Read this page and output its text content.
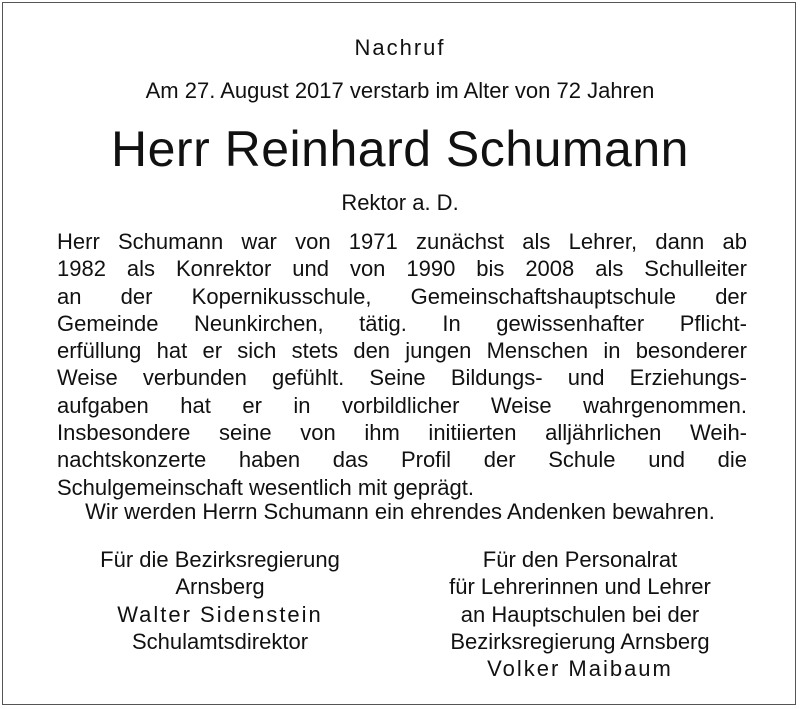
Nachruf
Am 27. August 2017 verstarb im Alter von 72 Jahren
Herr Reinhard Schumann
Rektor a. D.
Herr Schumann war von 1971 zunächst als Lehrer, dann ab
1982 als Konrektor und von 1990 bis 2008 als Schulleiter
an der Kopernikusschule, Gemeinschaftshauptschule der
Gemeinde Neunkirchen, tätig. In gewissenhafter Pflicht-
erfüllung hat er sich stets den jungen Menschen in besonderer
Weise verbunden gefühlt. Seine Bildungs- und Erziehungs-
aufgaben hat er in vorbildlicher Weise wahrgenommen.
Insbesondere seine von ihm initiierten alljährlichen Weih-
nachtskonzerte haben das Profil der Schule und die
Schulgemeinschaft wesentlich mit geprägt.
Wir werden Herrn Schumann ein ehrendes Andenken bewahren.
Für die Bezirksregierung
Arnsberg
Walter Sidenstein
Schulamtsdirektor
Für den Personalrat
für Lehrerinnen und Lehrer
an Hauptschulen bei der
Bezirksregierung Arnsberg
Volker Maibaum
